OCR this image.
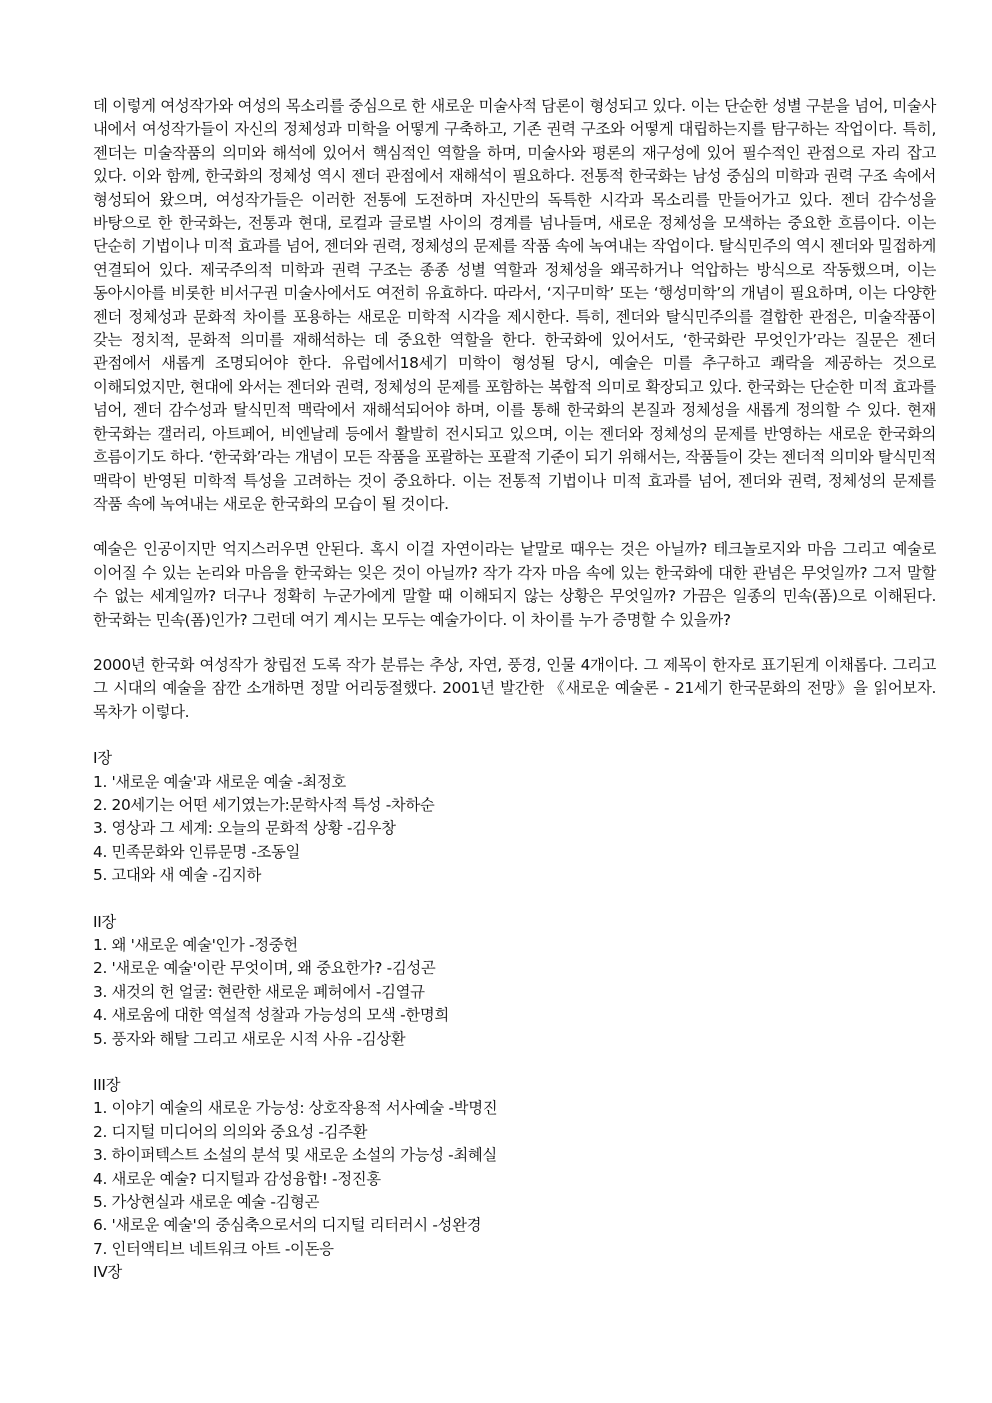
데 이렇게 여성작가와 여성의 목소리를 중심으로 한 새로운 미술사적 담론이 형성되고 있다. 이는 단순한 성별 구분을 넘어, 미술사 내에서 여성작가들이 자신의 정체성과 미학을 어떻게 구축하고, 기존 권력 구조와 어떻게 대립하는지를 탐구하는 작업이다. 특히, 젠더는 미술작품의 의미와 해석에 있어서 핵심적인 역할을 하며, 미술사와 평론의 재구성에 있어 필수적인 관점으로 자리 잡고 있다. 이와 함께, 한국화의 정체성 역시 젠더 관점에서 재해석이 필요하다. 전통적 한국화는 남성 중심의 미학과 권력 구조 속에서 형성되어 왔으며, 여성작가들은 이러한 전통에 도전하며 자신만의 독특한 시각과 목소리를 만들어가고 있다. 젠더 감수성을 바탕으로 한 한국화는, 전통과 현대, 로컬과 글로벌 사이의 경계를 넘나들며, 새로운 정체성을 모색하는 중요한 흐름이다. 이는 단순히 기법이나 미적 효과를 넘어, 젠더와 권력, 정체성의 문제를 작품 속에 녹여내는 작업이다. 탈식민주의 역시 젠더와 밀접하게 연결되어 있다. 제국주의적 미학과 권력 구조는 종종 성별 역할과 정체성을 왜곡하거나 억압하는 방식으로 작동했으며, 이는 동아시아를 비롯한 비서구권 미술사에서도 여전히 유효하다. 따라서, ‘지구미학’ 또는 ‘행성미학’의 개념이 필요하며, 이는 다양한 젠더 정체성과 문화적 차이를 포용하는 새로운 미학적 시각을 제시한다. 특히, 젠더와 탈식민주의를 결합한 관점은, 미술작품이 갖는 정치적, 문화적 의미를 재해석하는 데 중요한 역할을 한다. 한국화에 있어서도, ‘한국화란 무엇인가’라는 질문은 젠더 관점에서 새롭게 조명되어야 한다. 유럽에서18세기 미학이 형성될 당시, 예술은 미를 추구하고 쾌락을 제공하는 것으로 이해되었지만, 현대에 와서는 젠더와 권력, 정체성의 문제를 포함하는 복합적 의미로 확장되고 있다. 한국화는 단순한 미적 효과를 넘어, 젠더 감수성과 탈식민적 맥락에서 재해석되어야 하며, 이를 통해 한국화의 본질과 정체성을 새롭게 정의할 수 있다. 현재 한국화는 갤러리, 아트페어, 비엔날레 등에서 활발히 전시되고 있으며, 이는 젠더와 정체성의 문제를 반영하는 새로운 한국화의 흐름이기도 하다. ‘한국화’라는 개념이 모든 작품을 포괄하는 포괄적 기준이 되기 위해서는, 작품들이 갖는 젠더적 의미와 탈식민적 맥락이 반영된 미학적 특성을 고려하는 것이 중요하다. 이는 전통적 기법이나 미적 효과를 넘어, 젠더와 권력, 정체성의 문제를 작품 속에 녹여내는 새로운 한국화의 모습이 될 것이다.

예술은 인공이지만 억지스러우면 안된다. 혹시 이걸 자연이라는 낱말로 때우는 것은 아닐까? 테크놀로지와 마음 그리고 예술로 이어질 수 있는 논리와 마음을 한국화는 잊은 것이 아닐까? 작가 각자 마음 속에 있는 한국화에 대한 관념은 무엇일까? 그저 말할 수 없는 세계일까? 더구나 정확히 누군가에게 말할 때 이해되지 않는 상황은 무엇일까? 가끔은 일종의 민속(폼)으로 이해된다. 한국화는 민속(폼)인가? 그런데 여기 계시는 모두는 예술가이다. 이 차이를 누가 증명할 수 있을까?

2000년 한국화 여성작가 창립전 도록 작가 분류는 추상, 자연, 풍경, 인물 4개이다. 그 제목이 한자로 표기된게 이채롭다. 그리고 그 시대의 예술을 잠깐 소개하면 정말 어리둥절했다. 2001년 발간한 《새로운 예술론 - 21세기 한국문화의 전망》을 읽어보자. 목차가 이렇다.

I장
1. '새로운 예술'과 새로운 예술 -최정호
2. 20세기는 어떤 세기였는가:문학사적 특성 -차하순
3. 영상과 그 세계: 오늘의 문화적 상황 -김우창
4. 민족문화와 인류문명 -조동일
5. 고대와 새 예술 -김지하
II장
1. 왜 '새로운 예술'인가 -정중헌
2. '새로운 예술'이란 무엇이며, 왜 중요한가? -김성곤
3. 새것의 헌 얼굴: 현란한 새로운 폐허에서 -김열규
4. 새로움에 대한 역설적 성찰과 가능성의 모색 -한명희
5. 풍자와 해탈 그리고 새로운 시적 사유 -김상환
III장
1. 이야기 예술의 새로운 가능성: 상호작용적 서사예술 -박명진
2. 디지털 미디어의 의의와 중요성 -김주환
3. 하이퍼텍스트 소설의 분석 및 새로운 소설의 가능성 -최혜실
4. 새로운 예술? 디지털과 감성융합! -정진홍
5. 가상현실과 새로운 예술 -김형곤
6. '새로운 예술'의 중심축으로서의 디지털 리터러시 -성완경
7. 인터액티브 네트워크 아트 -이돈응
IV장
